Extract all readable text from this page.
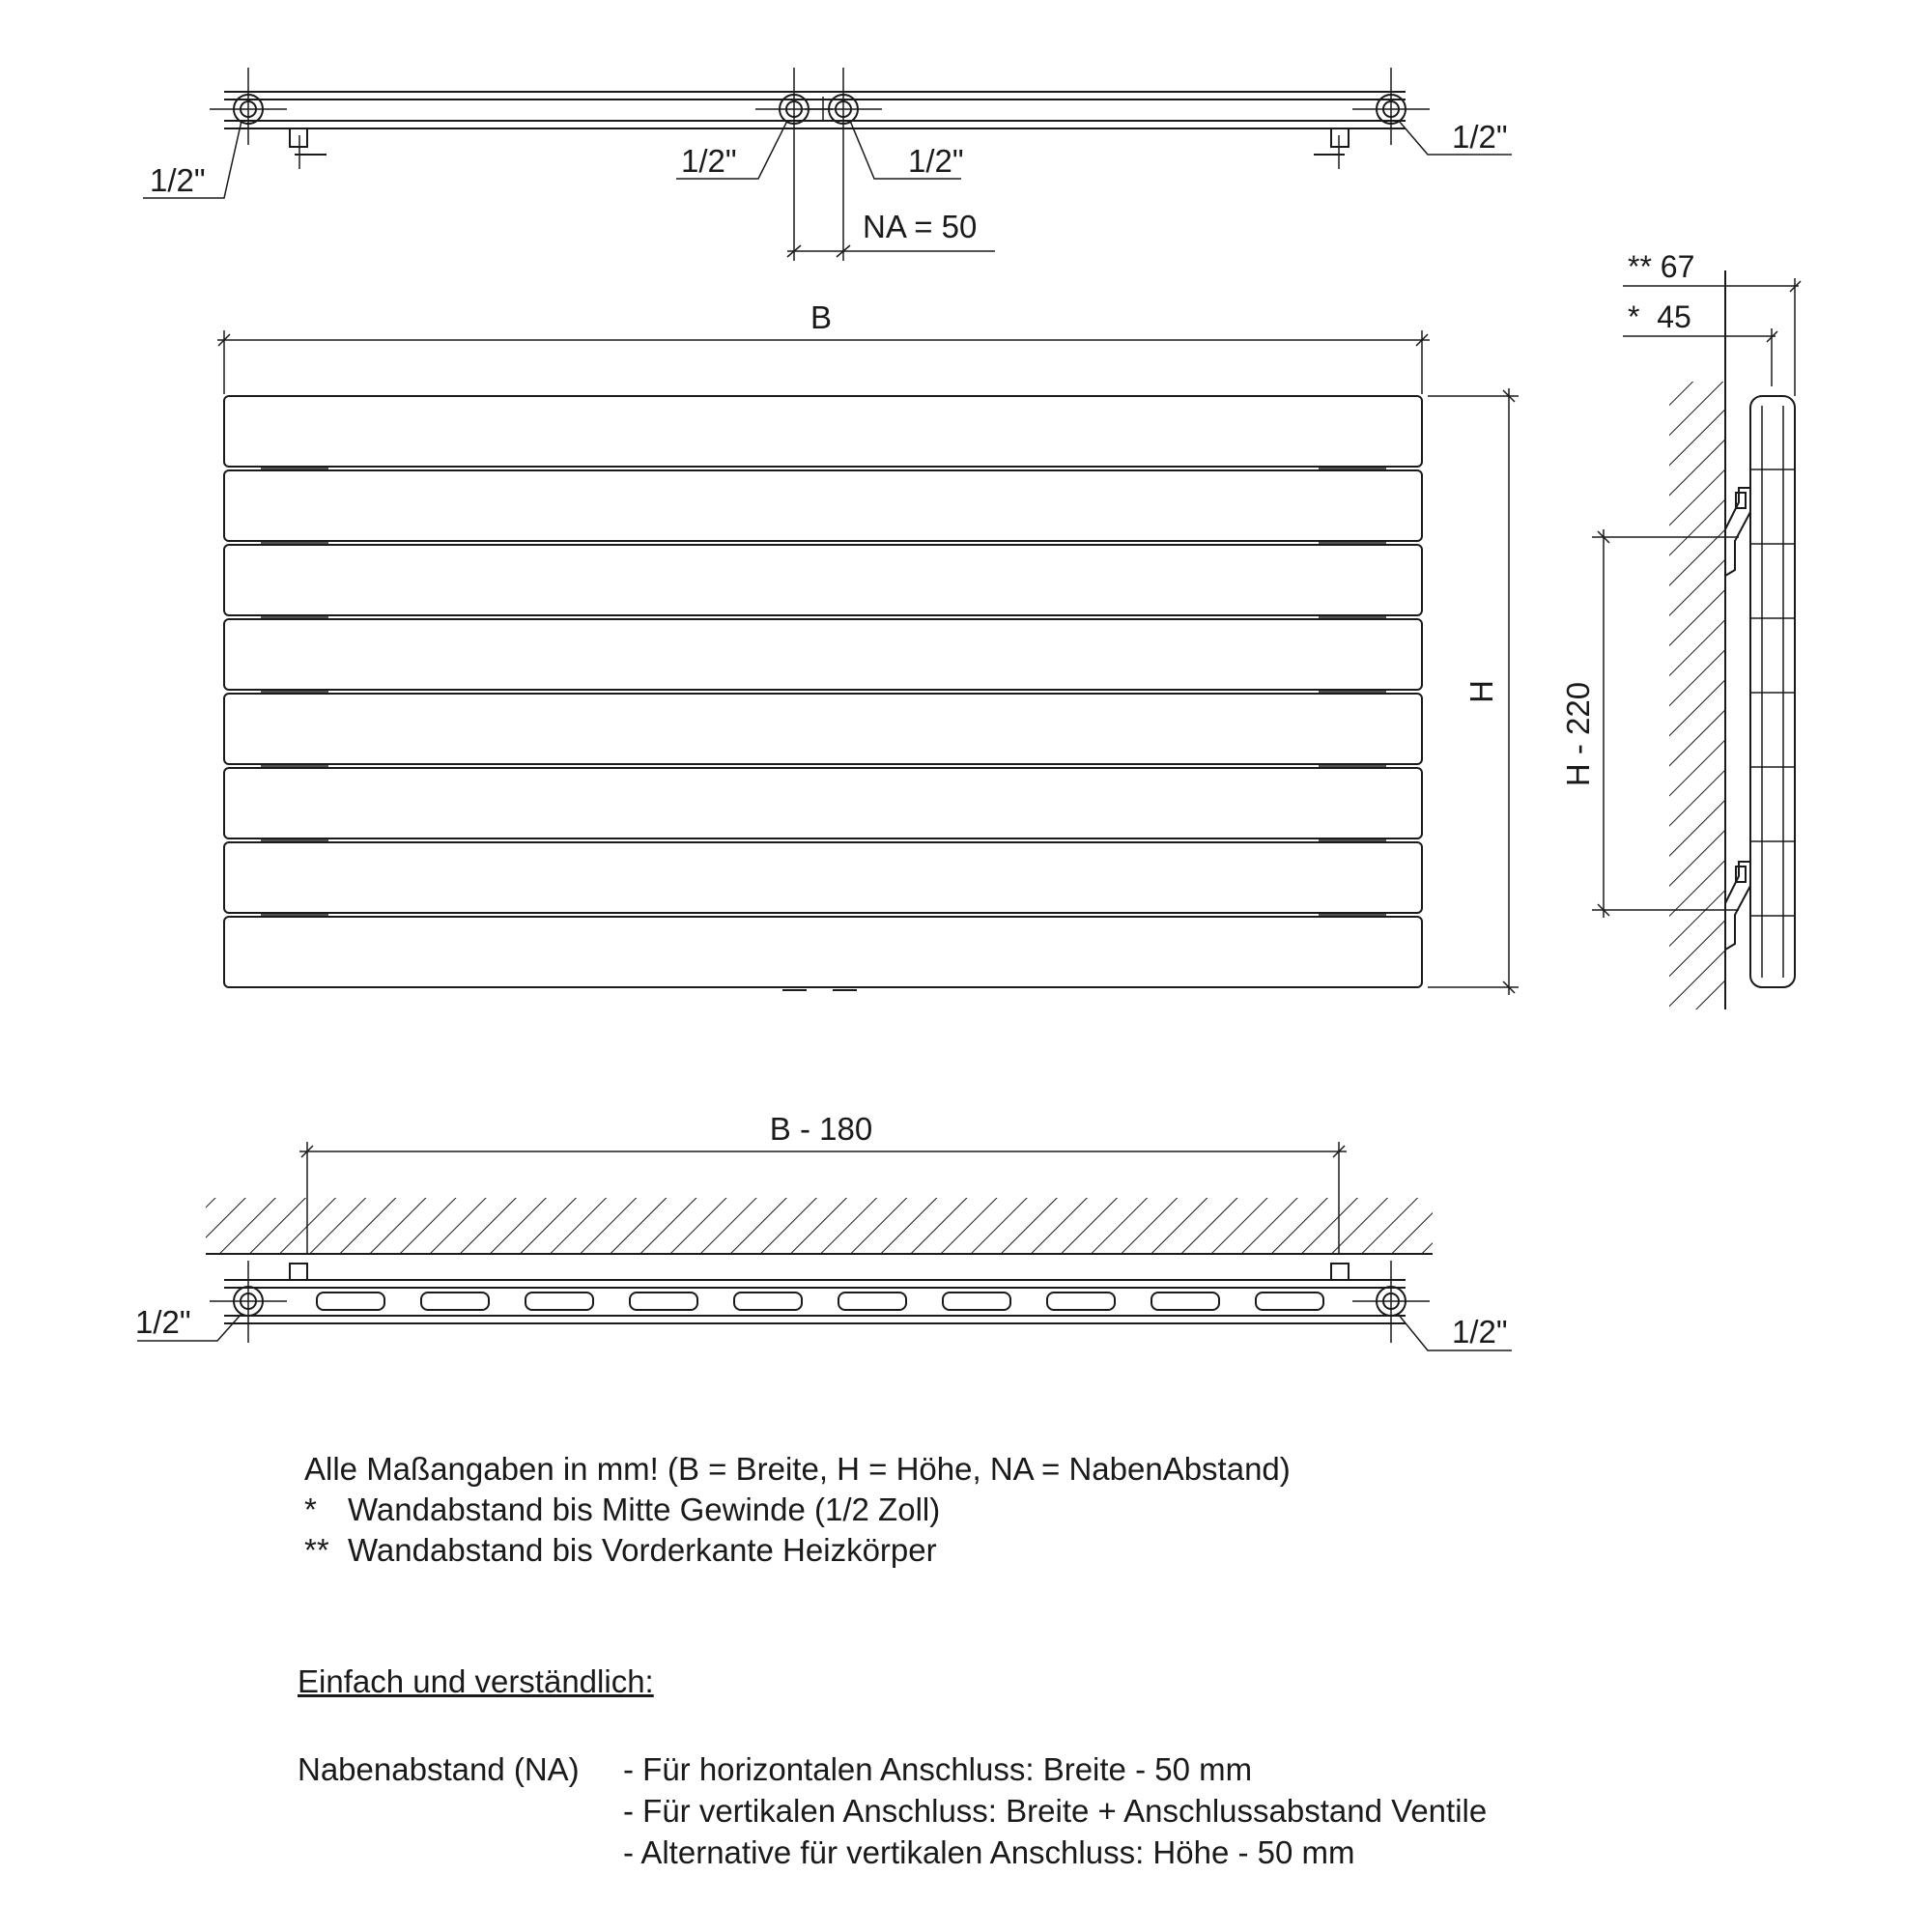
1/2"
1/2"	1/2"
1/2"
NA = 50
B
H
** 67
*  45
H - 220
B - 180
1/2"	1/2"
Alle Maßangaben in mm! (B = Breite, H = Höhe, NA = NabenAbstand)
* Wandabstand bis Mitte Gewinde (1/2 Zoll)
** Wandabstand bis Vorderkante Heizkörper
Einfach und verständlich:
Nabenabstand (NA) - Für horizontalen Anschluss: Breite - 50 mm
- Für vertikalen Anschluss: Breite + Anschlussabstand Ventile
- Alternative für vertikalen Anschluss: Höhe - 50 mm
